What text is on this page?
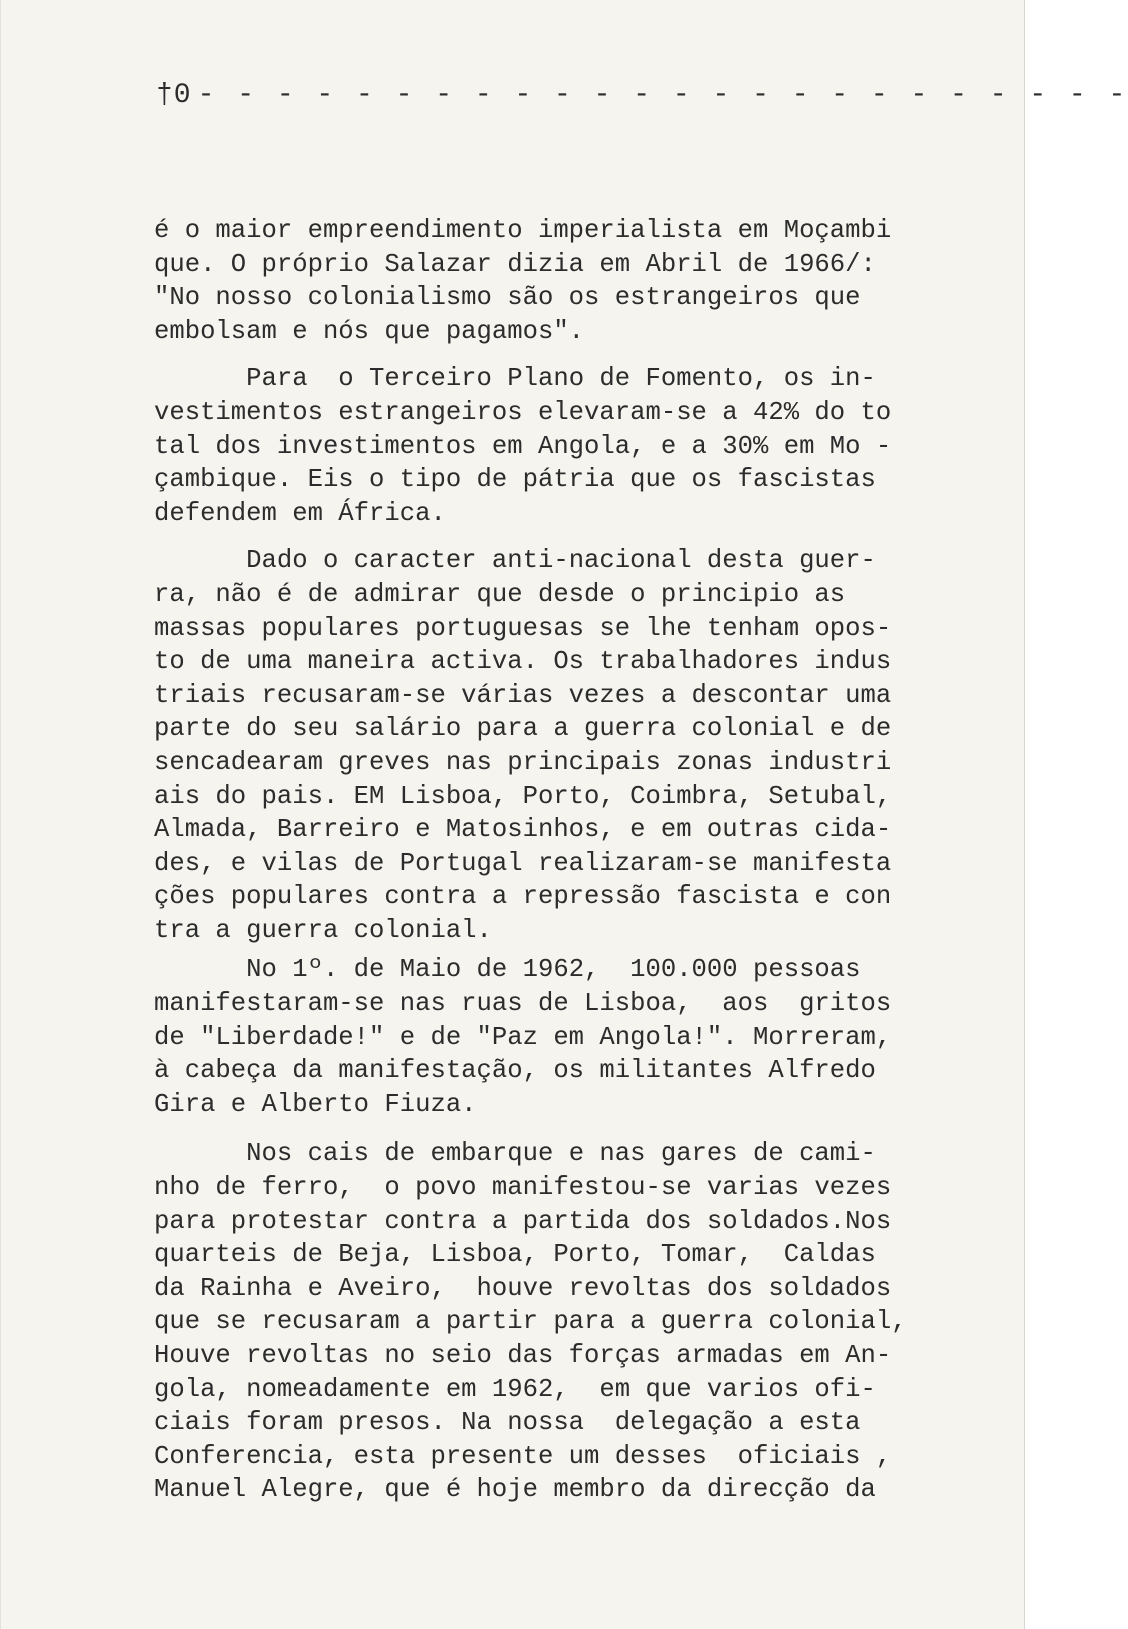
†0 - - - - - - - - - - - - - - - - - - - - - - - -

é o maior empreendimento imperialista em Moçambi
que. O próprio Salazar dizia em Abril de 1966/:
"No nosso colonialismo são os estrangeiros que
embolsam e nós que pagamos".

Para  o Terceiro Plano de Fomento, os in-
vestimentos estrangeiros elevaram-se a 42% do to
tal dos investimentos em Angola, e a 30% em Mo -
çambique. Eis o tipo de pátria que os fascistas
defendem em África.

Dado o caracter anti-nacional desta guer-
ra, não é de admirar que desde o principio as
massas populares portuguesas se lhe tenham opos-
to de uma maneira activa. Os trabalhadores indus
triais recusaram-se várias vezes a descontar uma
parte do seu salário para a guerra colonial e de
sencadearam greves nas principais zonas industri
ais do pais. EM Lisboa, Porto, Coimbra, Setubal,
Almada, Barreiro e Matosinhos, e em outras cida-
des, e vilas de Portugal realizaram-se manifesta
ções populares contra a repressão fascista e con
tra a guerra colonial.

No 1º. de Maio de 1962,  100.000 pessoas
manifestaram-se nas ruas de Lisboa,  aos  gritos
de "Liberdade!" e de "Paz em Angola!". Morreram,
à cabeça da manifestação, os militantes Alfredo
Gira e Alberto Fiuza.

Nos cais de embarque e nas gares de cami-
nho de ferro,  o povo manifestou-se varias vezes
para protestar contra a partida dos soldados.Nos
quarteis de Beja, Lisboa, Porto, Tomar,  Caldas
da Rainha e Aveiro,  houve revoltas dos soldados
que se recusaram a partir para a guerra colonial,
Houve revoltas no seio das forças armadas em An-
gola, nomeadamente em 1962,  em que varios ofi-
ciais foram presos. Na nossa  delegação a esta
Conferencia, esta presente um desses  oficiais ,
Manuel Alegre, que é hoje membro da direcção da
